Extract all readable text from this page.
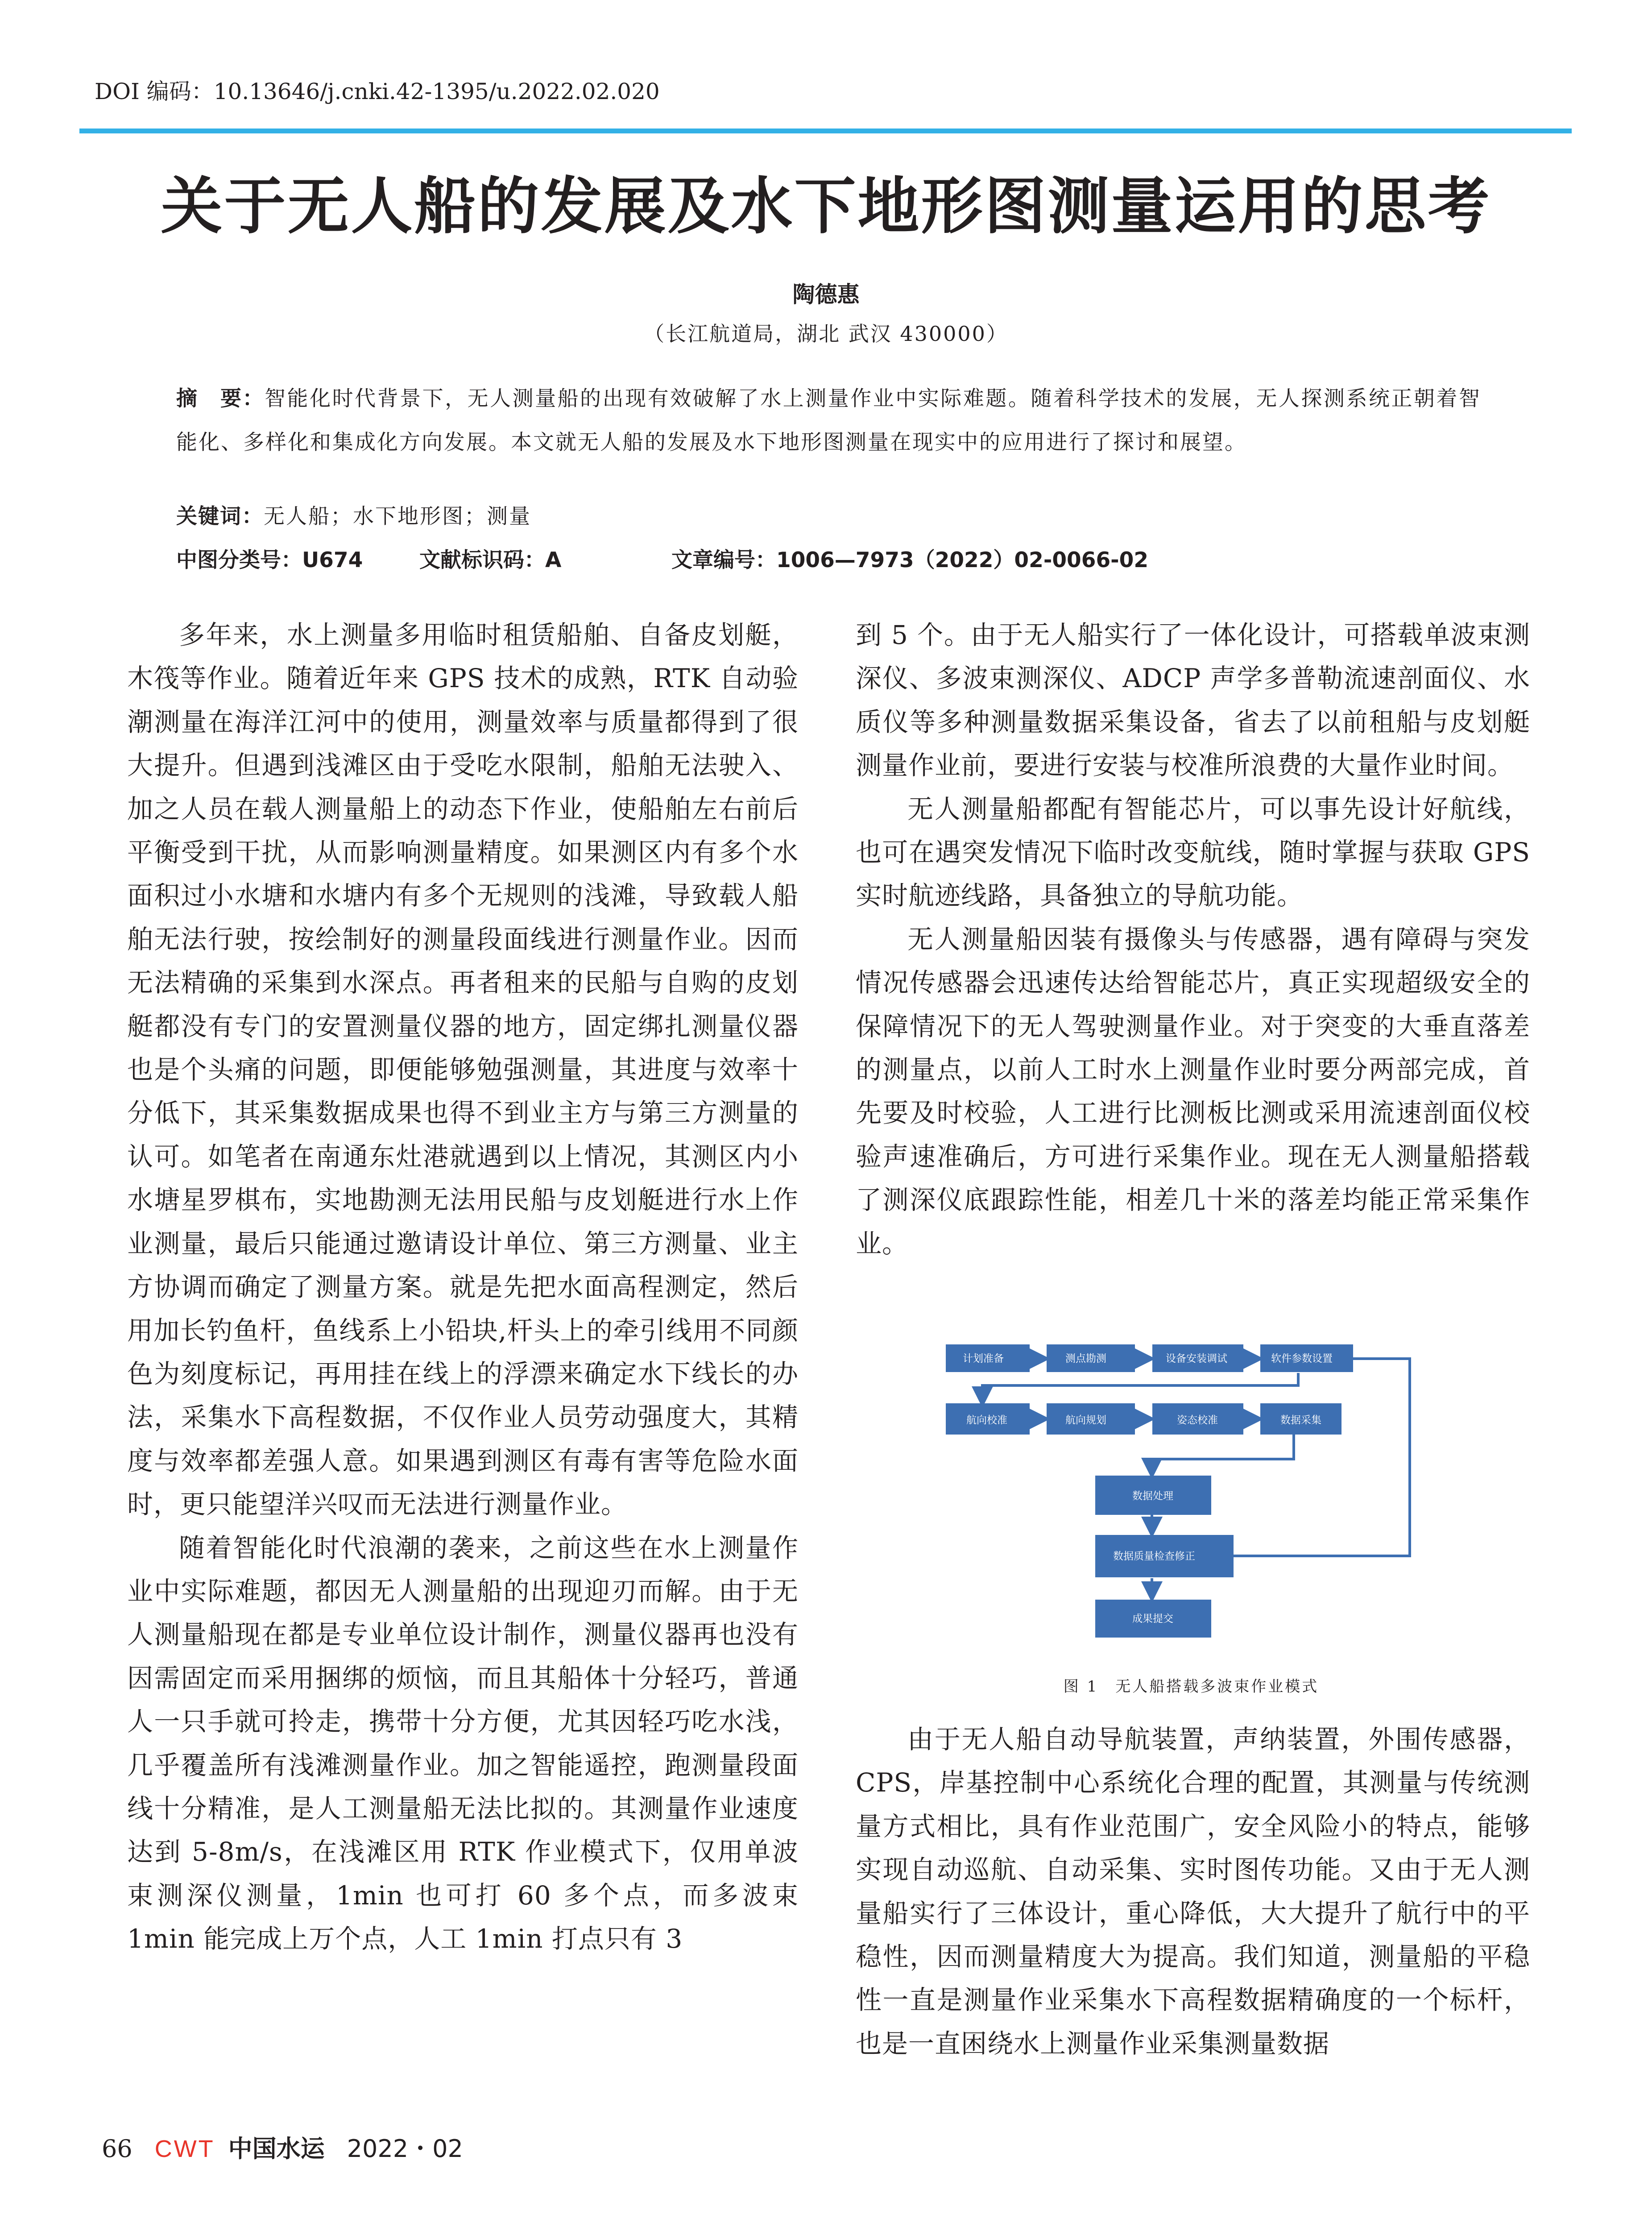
DOI 编码：10.13646/j.cnki.42-1395/u.2022.02.020
关于无人船的发展及水下地形图测量运用的思考
陶德惠
（长江航道局，湖北 武汉 430000）
摘　要：智能化时代背景下，无人测量船的出现有效破解了水上测量作业中实际难题。随着科学技术的发展，无人探测系统正朝着智能化、多样化和集成化方向发展。本文就无人船的发展及水下地形图测量在现实中的应用进行了探讨和展望。
关键词：无人船；水下地形图；测量
中图分类号：U674	文献标识码：A	文章编号：1006—7973（2022）02-0066-02

多年来，水上测量多用临时租赁船舶、自备皮划艇，木筏等作业。随着近年来 GPS 技术的成熟，RTK 自动验潮测量在海洋江河中的使用，测量效率与质量都得到了很大提升。但遇到浅滩区由于受吃水限制，船舶无法驶入、加之人员在载人测量船上的动态下作业，使船舶左右前后平衡受到干扰，从而影响测量精度。如果测区内有多个水面积过小水塘和水塘内有多个无规则的浅滩，导致载人船舶无法行驶，按绘制好的测量段面线进行测量作业。因而无法精确的采集到水深点。再者租来的民船与自购的皮划艇都没有专门的安置测量仪器的地方，固定绑扎测量仪器也是个头痛的问题，即便能够勉强测量，其进度与效率十分低下，其采集数据成果也得不到业主方与第三方测量的认可。如笔者在南通东灶港就遇到以上情况，其测区内小水塘星罗棋布，实地勘测无法用民船与皮划艇进行水上作业测量，最后只能通过邀请设计单位、第三方测量、业主方协调而确定了测量方案。就是先把水面高程测定，然后用加长钓鱼杆，鱼线系上小铅块,杆头上的牵引线用不同颜色为刻度标记，再用挂在线上的浮漂来确定水下线长的办法，采集水下高程数据，不仅作业人员劳动强度大，其精度与效率都差强人意。如果遇到测区有毒有害等危险水面时，更只能望洋兴叹而无法进行测量作业。

随着智能化时代浪潮的袭来，之前这些在水上测量作业中实际难题，都因无人测量船的出现迎刃而解。由于无人测量船现在都是专业单位设计制作，测量仪器再也没有因需固定而采用捆绑的烦恼，而且其船体十分轻巧，普通人一只手就可拎走，携带十分方便，尤其因轻巧吃水浅，几乎覆盖所有浅滩测量作业。加之智能遥控，跑测量段面线十分精准，是人工测量船无法比拟的。其测量作业速度达到 5-8m/s，在浅滩区用 RTK 作业模式下，仅用单波束测深仪测量，1min 也可打 60 多个点，而多波束 1min 能完成上万个点，人工 1min 打点只有 3

到 5 个。由于无人船实行了一体化设计，可搭载单波束测深仪、多波束测深仪、ADCP 声学多普勒流速剖面仪、水质仪等多种测量数据采集设备，省去了以前租船与皮划艇测量作业前，要进行安装与校准所浪费的大量作业时间。

无人测量船都配有智能芯片，可以事先设计好航线，也可在遇突发情况下临时改变航线，随时掌握与获取 GPS 实时航迹线路，具备独立的导航功能。

无人测量船因装有摄像头与传感器，遇有障碍与突发情况传感器会迅速传达给智能芯片，真正实现超级安全的保障情况下的无人驾驶测量作业。对于突变的大垂直落差的测量点，以前人工时水上测量作业时要分两部完成，首先要及时校验，人工进行比测板比测或采用流速剖面仪校验声速准确后，方可进行采集作业。现在无人测量船搭载了测深仪底跟踪性能，相差几十米的落差均能正常采集作业。

计划准备	测点勘测	设备安装调试	软件参数设置
航向校准	航向规划	姿态校准	数据采集
数据处理
数据质量检查修正
成果提交
图 1　无人船搭载多波束作业模式

由于无人船自动导航装置，声纳装置，外围传感器，CPS，岸基控制中心系统化合理的配置，其测量与传统测量方式相比，具有作业范围广，安全风险小的特点，能够实现自动巡航、自动采集、实时图传功能。又由于无人测量船实行了三体设计，重心降低，大大提升了航行中的平稳性，因而测量精度大为提高。我们知道，测量船的平稳性一直是测量作业采集水下高程数据精确度的一个标杆，也是一直困绕水上测量作业采集测量数据

66 CWT 中国水运 2022・02
